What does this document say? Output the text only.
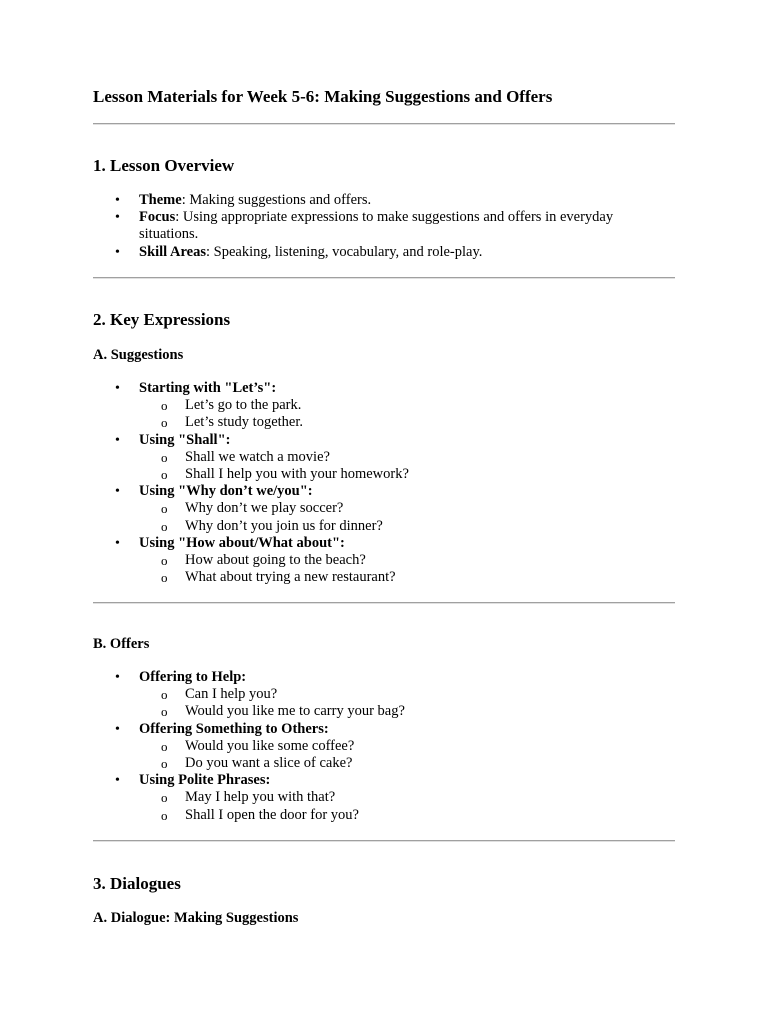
Lesson Materials for Week 5-6: Making Suggestions and Offers
1. Lesson Overview
• Theme: Making suggestions and offers.
• Focus: Using appropriate expressions to make suggestions and offers in everyday situations.
• Skill Areas: Speaking, listening, vocabulary, and role-play.
2. Key Expressions
A. Suggestions
• Starting with "Let’s":
o Let’s go to the park.
o Let’s study together.
• Using "Shall":
o Shall we watch a movie?
o Shall I help you with your homework?
• Using "Why don’t we/you":
o Why don’t we play soccer?
o Why don’t you join us for dinner?
• Using "How about/What about":
o How about going to the beach?
o What about trying a new restaurant?
B. Offers
• Offering to Help:
o Can I help you?
o Would you like me to carry your bag?
• Offering Something to Others:
o Would you like some coffee?
o Do you want a slice of cake?
• Using Polite Phrases:
o May I help you with that?
o Shall I open the door for you?
3. Dialogues
A. Dialogue: Making Suggestions
